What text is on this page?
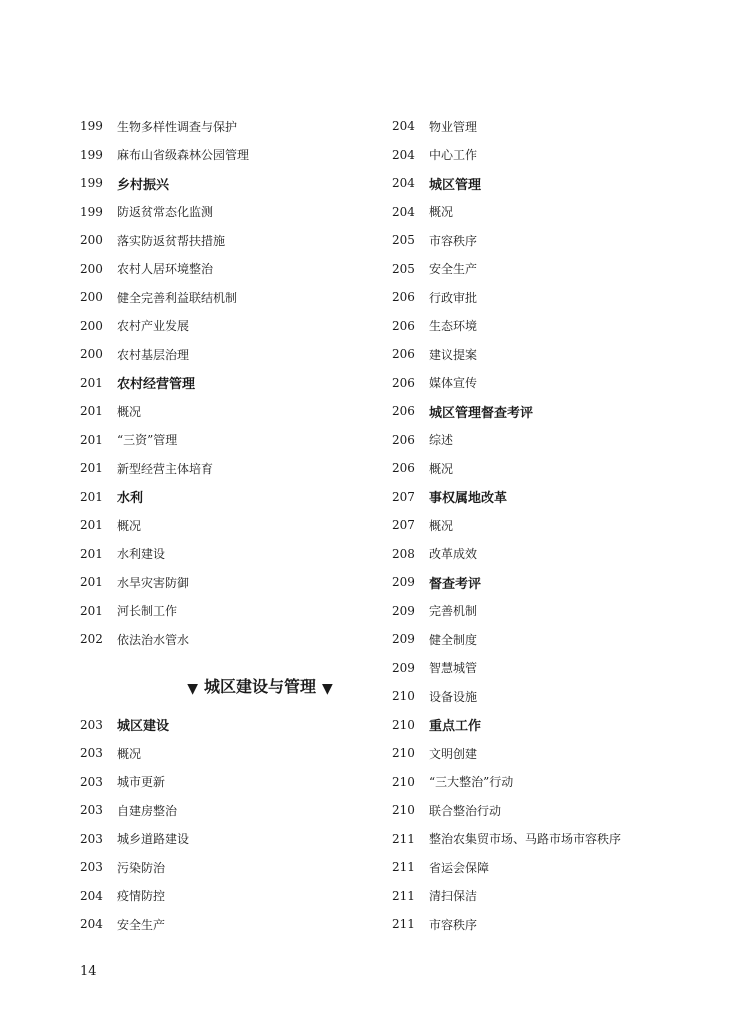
199	生物多样性调查与保护
199	麻布山省级森林公园管理
199	乡村振兴
199	防返贫常态化监测
200	落实防返贫帮扶措施
200	农村人居环境整治
200	健全完善利益联结机制
200	农村产业发展
200	农村基层治理
201	农村经营管理
201	概况
201	“三资”管理
201	新型经营主体培育
201	水利
201	概况
201	水利建设
201	水旱灾害防御
201	河长制工作
202	依法治水管水
▼ 城区建设与管理 ▼
203	城区建设
203	概况
203	城市更新
203	自建房整治
203	城乡道路建设
203	污染防治
204	疫情防控
204	安全生产
204	物业管理
204	中心工作
204	城区管理
204	概况
205	市容秩序
205	安全生产
206	行政审批
206	生态环境
206	建议提案
206	媒体宣传
206	城区管理督查考评
206	综述
206	概况
207	事权属地改革
207	概况
208	改革成效
209	督查考评
209	完善机制
209	健全制度
209	智慧城管
210	设备设施
210	重点工作
210	文明创建
210	“三大整治”行动
210	联合整治行动
211	整治农集贸市场、马路市场市容秩序
211	省运会保障
211	清扫保洁
211	市容秩序
14
